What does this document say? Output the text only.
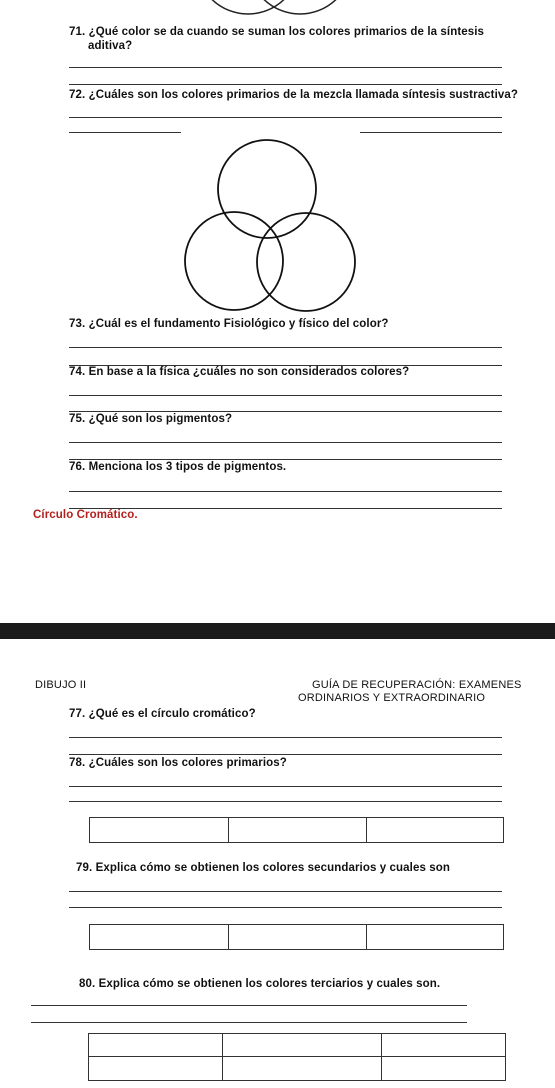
71. ¿Qué color se da cuando se suman los colores primarios de la síntesis
aditiva?
72. ¿Cuáles son los colores primarios de la mezcla llamada síntesis sustractiva?
73. ¿Cuál es el fundamento Fisiológico y físico del color?
74. En base a la física ¿cuáles no son considerados colores?
75. ¿Qué son los pigmentos?
76. Menciona los 3 tipos de pigmentos.
Círculo Cromático.
DIBUJO II	GUÍA DE RECUPERACIÓN: EXAMENES
ORDINARIOS Y EXTRAORDINARIO
77. ¿Qué es el círculo cromático?
78. ¿Cuáles son los colores primarios?
79. Explica cómo se obtienen los colores secundarios y cuales son
80. Explica cómo se obtienen los colores terciarios y cuales son.
